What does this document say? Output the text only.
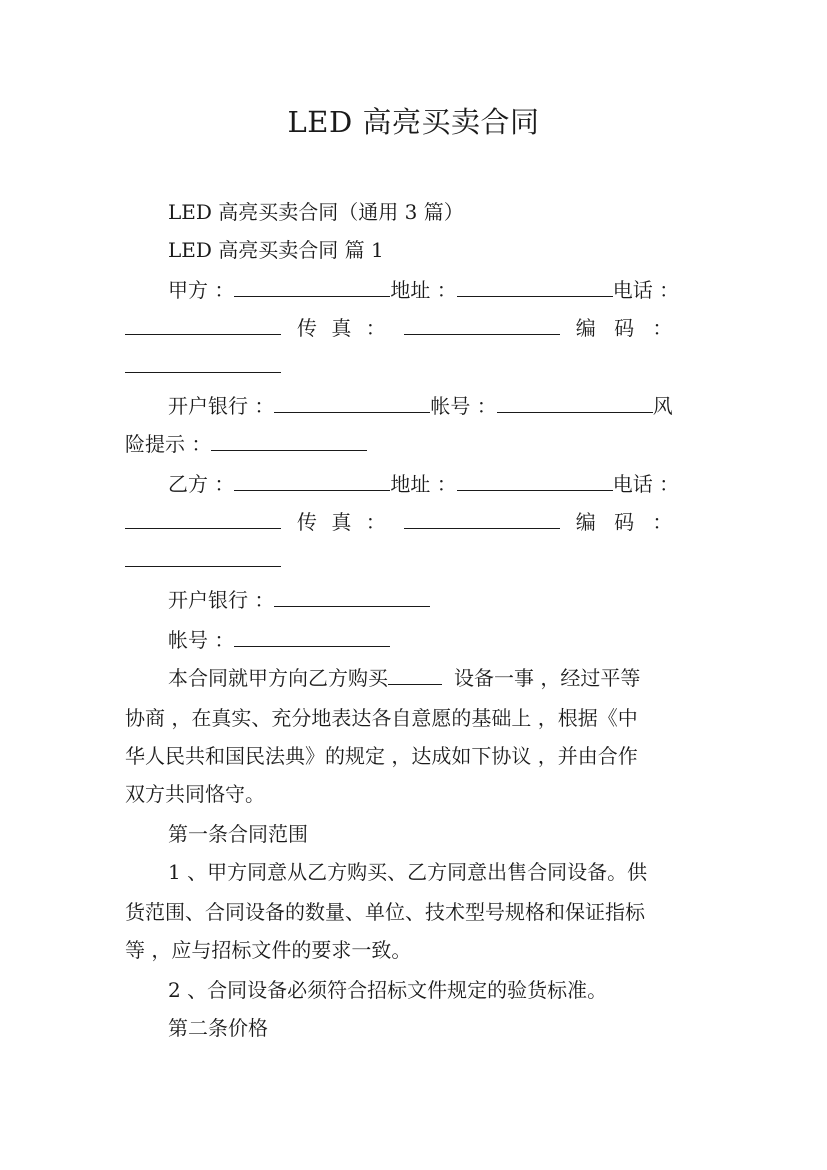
LED 高亮买卖合同
LED 高亮买卖合同（通用 3 篇）
LED 高亮买卖合同 篇 1
甲方 ：	地址 ：	电话 ：
传 真 ：	编 码 ：
开户银行 ：	帐号 ：	风
险提示 ：
乙方 ：	地址 ：	电话 ：
传 真 ：	编 码 ：
开户银行 ：
帐号 ：
本合同就甲方向乙方购买	设备一事 ，经过平等
协商 ，在真实、充分地表达各自意愿的基础上 ，根据《中
华人民共和国民法典》的规定 ，达成如下协议 ，并由合作
双方共同恪守。
第一条合同范围
1 、甲方同意从乙方购买、乙方同意出售合同设备。供
货范围、合同设备的数量、单位、技术型号规格和保证指标
等 ，应与招标文件的要求一致。
2 、合同设备必须符合招标文件规定的验货标准。
第二条价格
